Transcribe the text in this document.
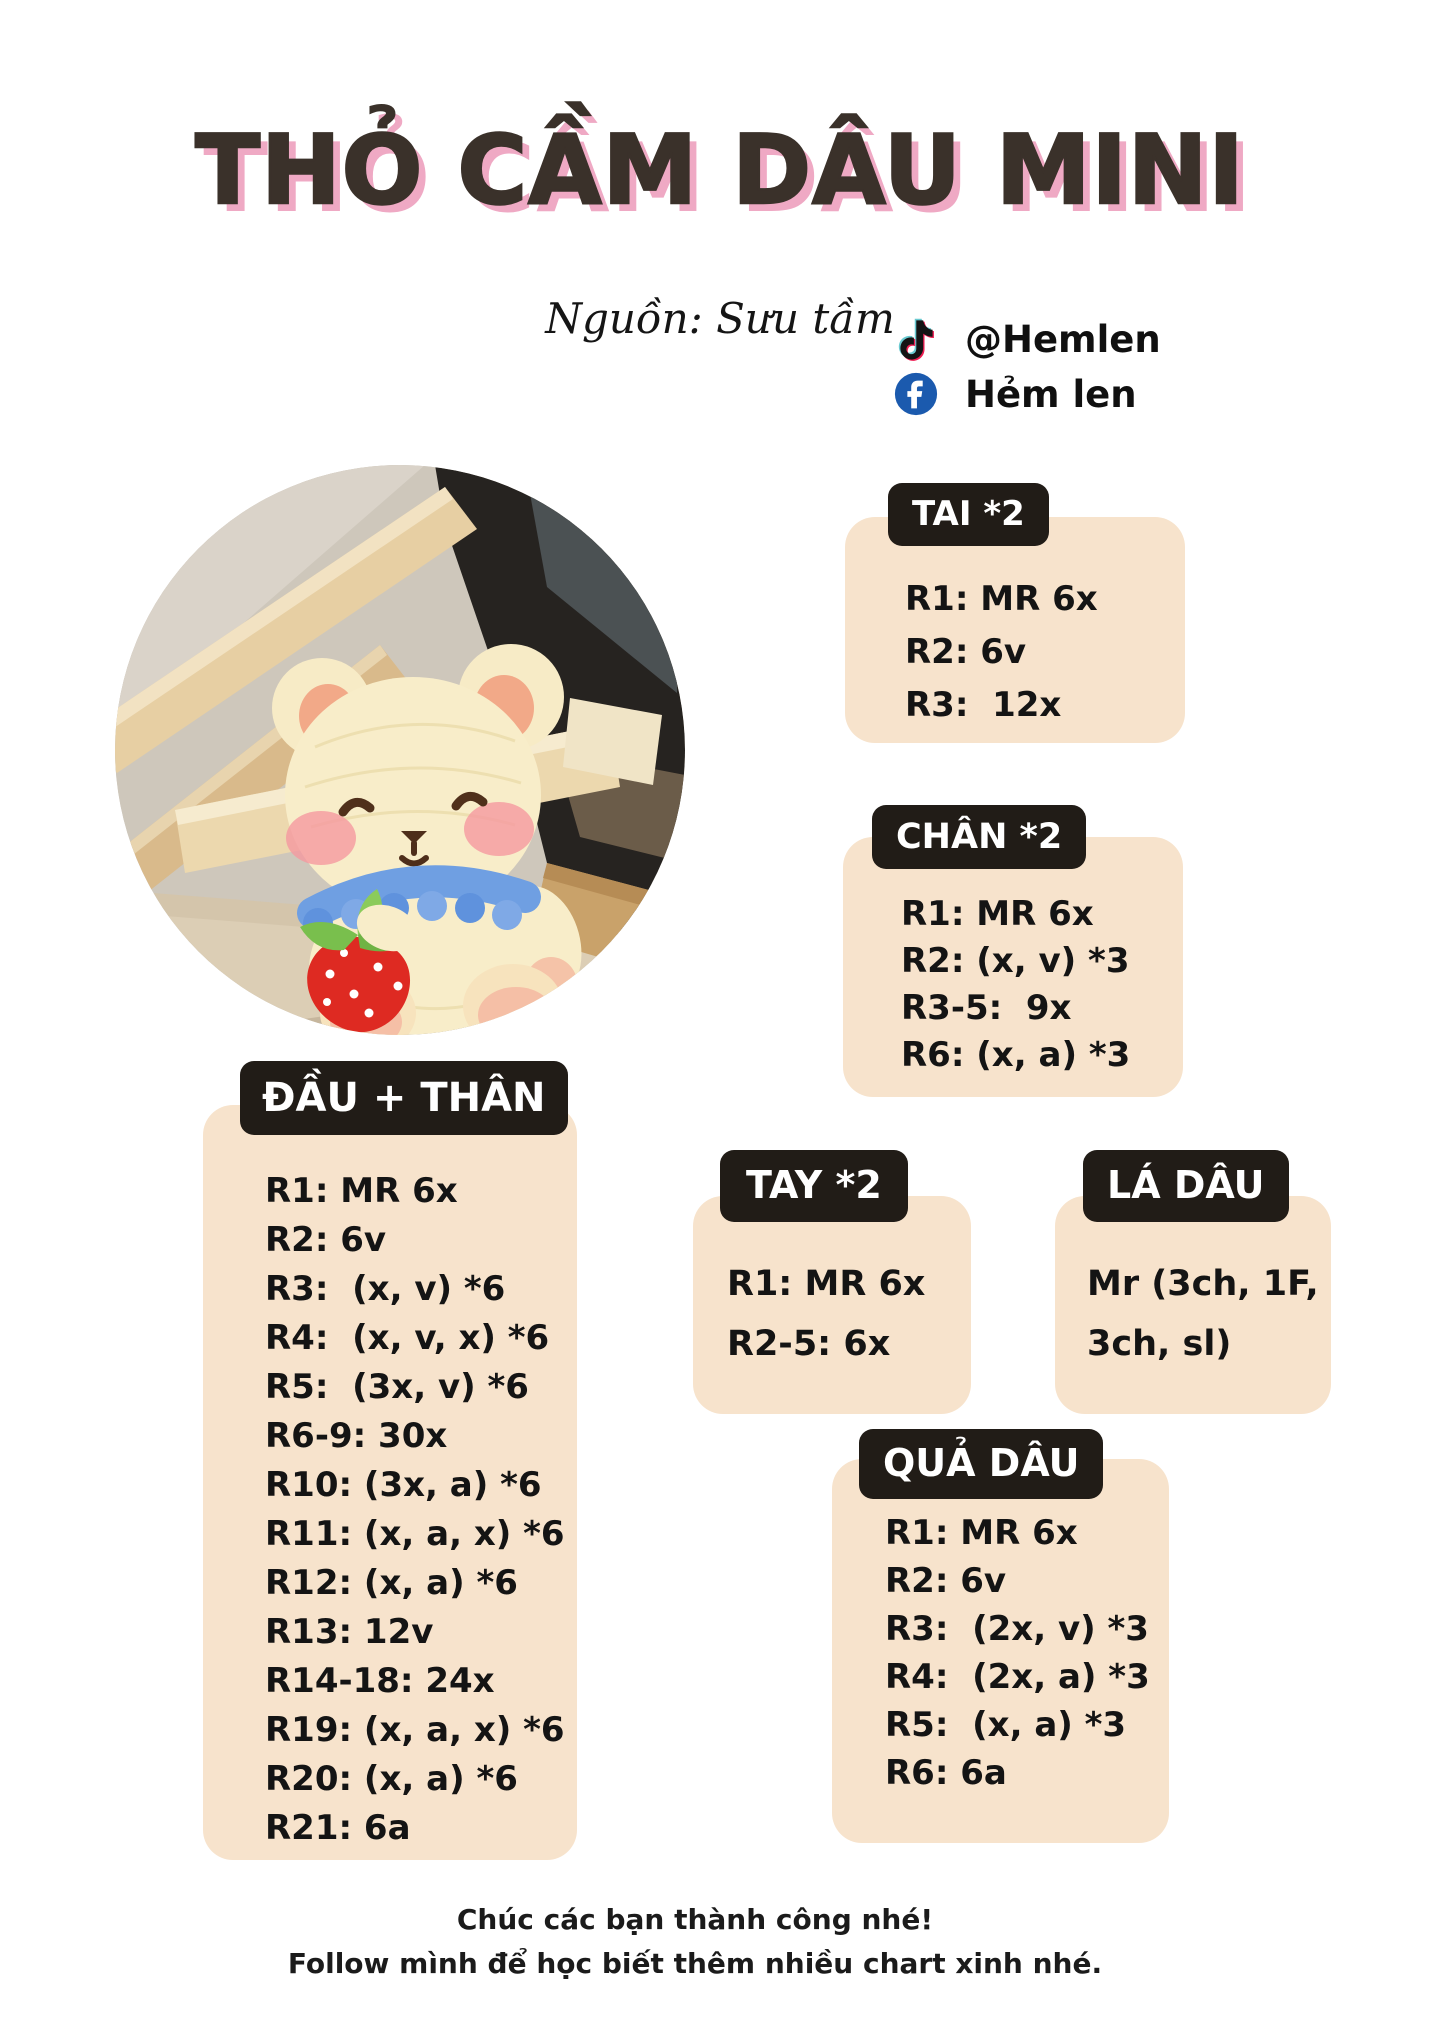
THỎ CẦM DÂU MINI
Nguồn: Sưu tầm	@Hemlen
Hẻm len
TAI *2
R1: MR 6x
R2: 6v
R3:  12x
CHÂN *2
R1: MR 6x
R2: (x, v) *3
R3-5:  9x
R6: (x, a) *3
ĐẦU + THÂN
R1: MR 6x
R2: 6v
R3:  (x, v) *6
R4:  (x, v, x) *6
R5:  (3x, v) *6
R6-9: 30x
R10: (3x, a) *6
R11: (x, a, x) *6
R12: (x, a) *6
R13: 12v
R14-18: 24x
R19: (x, a, x) *6
R20: (x, a) *6
R21: 6a
TAY *2
R1: MR 6x
R2-5: 6x
LÁ DÂU
Mr (3ch, 1F,
3ch, sl)
QUẢ DÂU
R1: MR 6x
R2: 6v
R3:  (2x, v) *3
R4:  (2x, a) *3
R5:  (x, a) *3
R6: 6a
Chúc các bạn thành công nhé!
Follow mình để học biết thêm nhiều chart xinh nhé.
